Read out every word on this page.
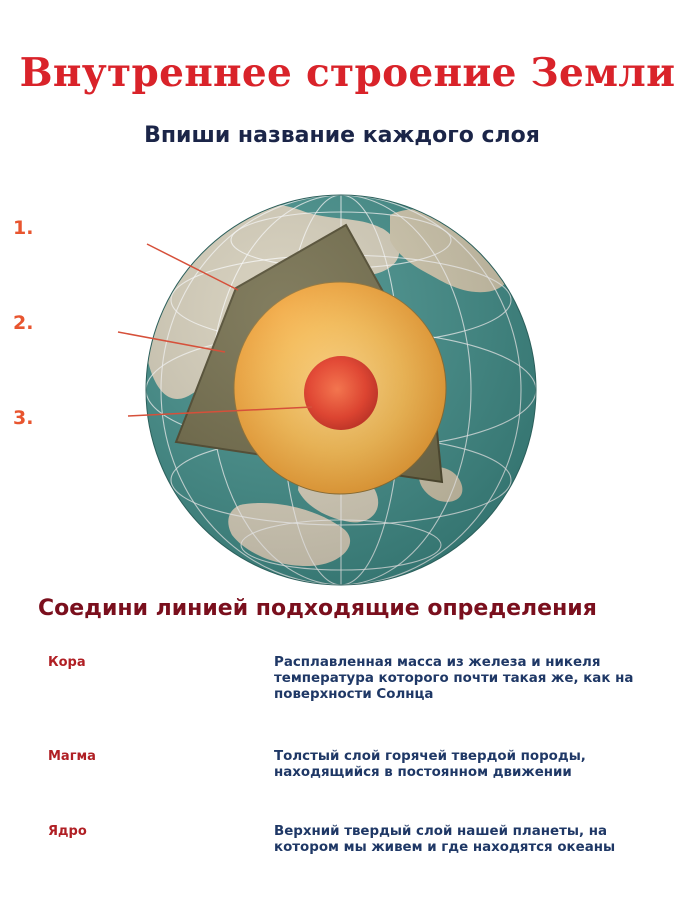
Внутреннее строение Земли
Впиши название каждого слоя
1.
2.
3.
Соедини линией подходящие определения
Кора
Магма
Ядро
Расплавленная масса из железа и никеля температура которого почти такая же, как на поверхности Солнца
Толстый слой горячей твердой породы, находящийся в постоянном движении
Верхний твердый слой нашей планеты, на котором мы живем и где находятся океаны
